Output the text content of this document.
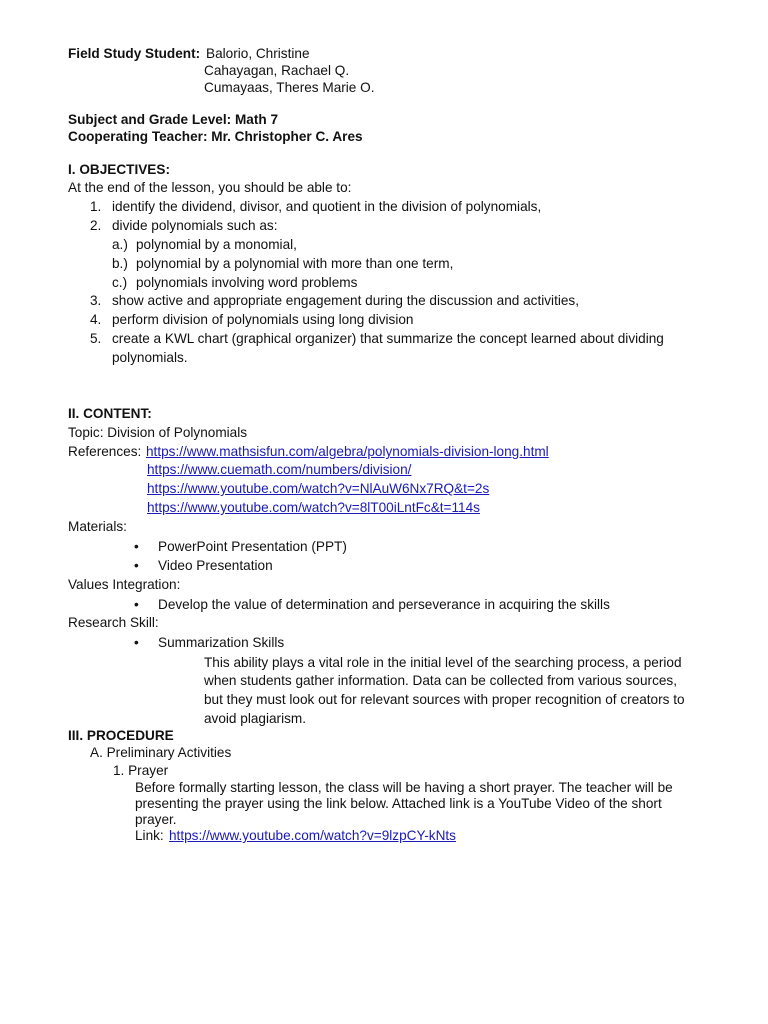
Field Study Student: Balorio, Christine
Cahayagan, Rachael Q.
Cumayaas, Theres Marie O.
Subject and Grade Level: Math 7
Cooperating Teacher: Mr. Christopher C. Ares
I. OBJECTIVES:
At the end of the lesson, you should be able to:
1. identify the dividend, divisor, and quotient in the division of polynomials,
2. divide polynomials such as:
a.) polynomial by a monomial,
b.) polynomial by a polynomial with more than one term,
c.) polynomials involving word problems
3. show active and appropriate engagement during the discussion and activities,
4. perform division of polynomials using long division
5. create a KWL chart (graphical organizer) that summarize the concept learned about dividing
polynomials.
II. CONTENT:
Topic: Division of Polynomials
References: https://www.mathsisfun.com/algebra/polynomials-division-long.html
https://www.cuemath.com/numbers/division/
https://www.youtube.com/watch?v=NlAuW6Nx7RQ&t=2s
https://www.youtube.com/watch?v=8lT00iLntFc&t=114s
Materials:
• PowerPoint Presentation (PPT)
• Video Presentation
Values Integration:
• Develop the value of determination and perseverance in acquiring the skills
Research Skill:
• Summarization Skills
This ability plays a vital role in the initial level of the searching process, a period
when students gather information. Data can be collected from various sources,
but they must look out for relevant sources with proper recognition of creators to
avoid plagiarism.
III. PROCEDURE
A. Preliminary Activities
1. Prayer
Before formally starting lesson, the class will be having a short prayer. The teacher will be
presenting the prayer using the link below. Attached link is a YouTube Video of the short
prayer.
Link: https://www.youtube.com/watch?v=9lzpCY-kNts
